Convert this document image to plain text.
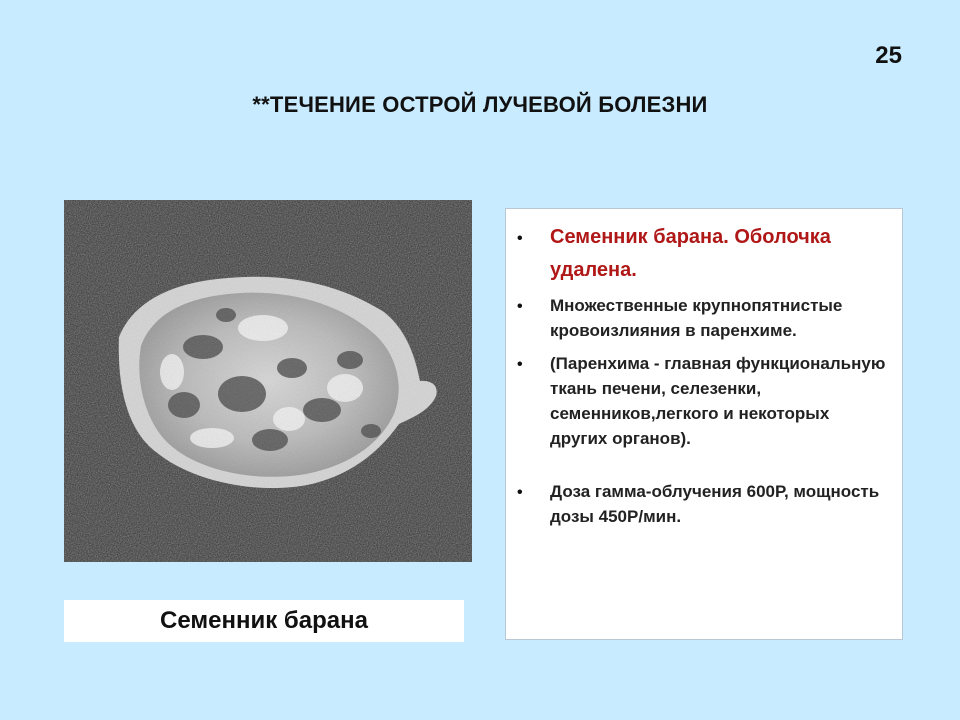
25
**ТЕЧЕНИЕ ОСТРОЙ ЛУЧЕВОЙ БОЛЕЗНИ
Семенник барана
• Семенник барана. Оболочка удалена.
• Множественные крупнопятнистые кровоизлияния в паренхиме.
• (Паренхима - главная функциональную ткань печени, селезенки, семенников,легкого и некоторых других органов).
• Доза гамма-облучения 600Р, мощность дозы 450Р/мин.
